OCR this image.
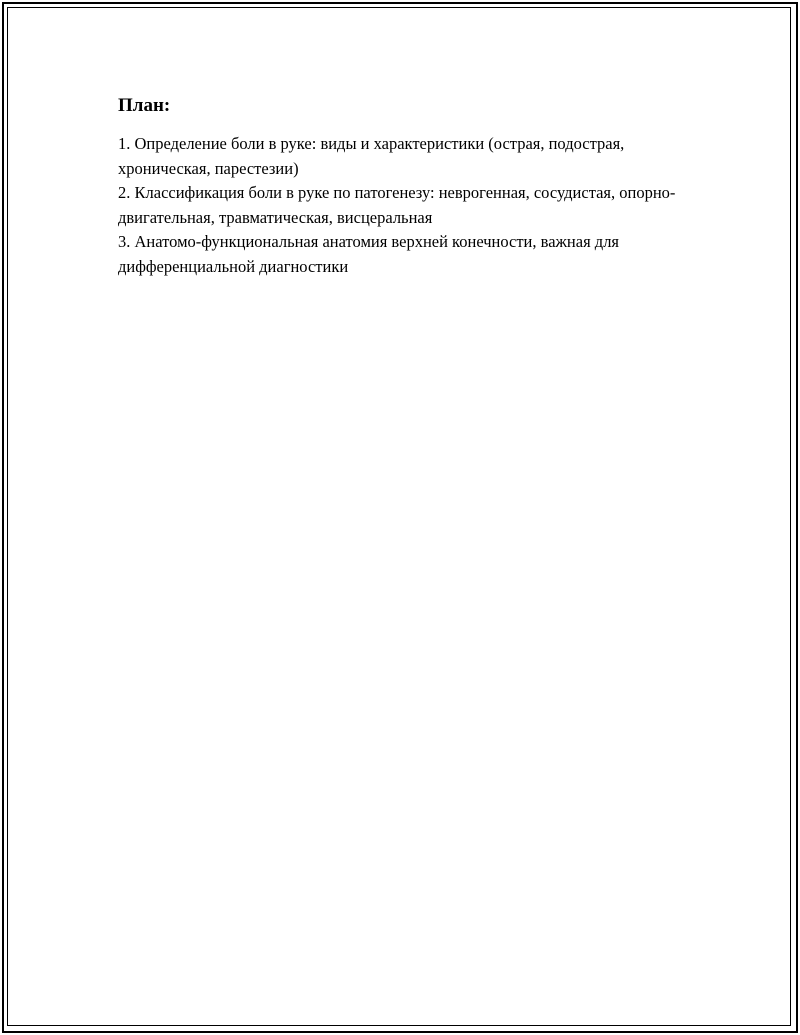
План:
1. Определение боли в руке: виды и характеристики (острая, подострая, хроническая, парестезии)
2. Классификация боли в руке по патогенезу: неврогенная, сосудистая, опорно-двигательная, травматическая, висцеральная
3. Анатомо-функциональная анатомия верхней конечности, важная для дифференциальной диагностики
